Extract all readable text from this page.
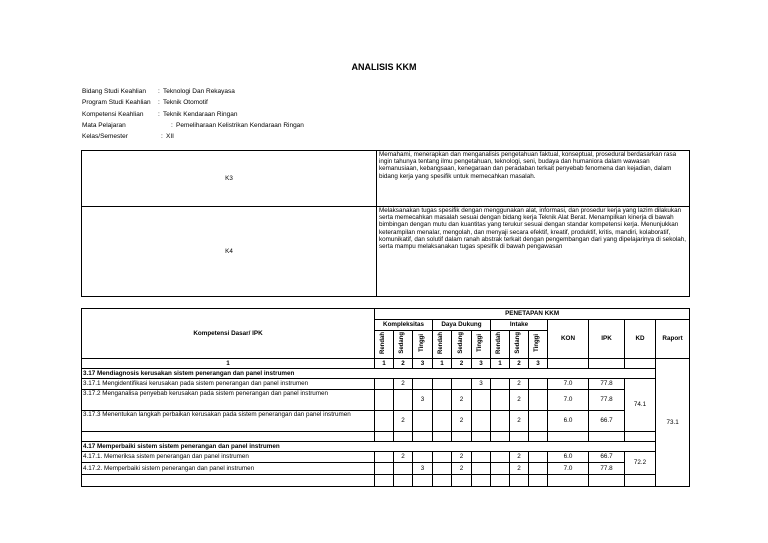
ANALISIS KKM
Bidang Studi Keahlian : Teknologi Dan Rekayasa
Program Studi Keahlian : Teknik Otomotif
Kompetensi Keahlian : Teknik Kendaraan Ringan
Mata Pelajaran	: Pemeliharaan Kelistrikan Kendaraan Ringan
Kelas/Semester	: XII
K3	Memahami, menerapkan dan menganalisis pengetahuan faktual, konseptual, prosedural berdasarkan rasa ingin tahunya tentang ilmu pengetahuan, teknologi, seni, budaya dan humaniora dalam wawasan kemanusiaan, kebangsaan, kenegaraan dan peradaban terkait penyebab fenomena dan kejadian, dalam bidang kerja yang spesifik untuk memecahkan masalah.
K4	Melaksanakan tugas spesifik dengan menggunakan alat, informasi, dan prosedur kerja yang lazim dilakukan serta memecahkan masalah sesuai dengan bidang kerja Teknik Alat Berat. Menampilkan kinerja di bawah bimbingan dengan mutu dan kuantitas yang terukur sesuai dengan standar kompetensi kerja. Menunjukkan keterampilan menalar, mengolah, dan menyaji secara efektif, kreatif, produktif, kritis, mandiri, kolaboratif, komunikatif, dan solutif dalam ranah abstrak terkait dengan pengembangan dari yang dipelajarinya di sekolah, serta mampu melaksanakan tugas spesifik di bawah pengawasan
Kompetensi Dasar/ IPK	PENETAPAN KKM												
	Kompleksitas			Daya Dukung			Intake			KON	IPK	KD	Raport
	Rendah	Sedang	Tinggi	Rendah	Sedang	Tinggi	Rendah	Sedang	Tinggi				
1	1	2	3	1	2	3	1	2	3				73.1
3.17 Mendiagnosis kerusakan sistem penerangan dan panel instrumen													
3.17.1 Mengidentifikasi kerusakan pada sistem penerangan dan panel instrumen		2				3		2		7.0	77.8	74.1	
3.17.2 Menganalisa penyebab kerusakan pada sistem penerangan dan panel instrumen			3		2			2		7.0	77.8		
3.17.3 Menentukan langkah perbaikan kerusakan pada sistem penerangan dan panel instrumen		2			2			2		6.0	66.7		

4.17 Memperbaiki sistem sistem penerangan dan panel instrumen													
4.17.1. Memeriksa sistem penerangan dan panel instrumen		2			2			2		6.0	66.7	72.2	
4.17.2. Memperbaiki sistem penerangan dan panel instrumen			3		2			2		7.0	77.8		
